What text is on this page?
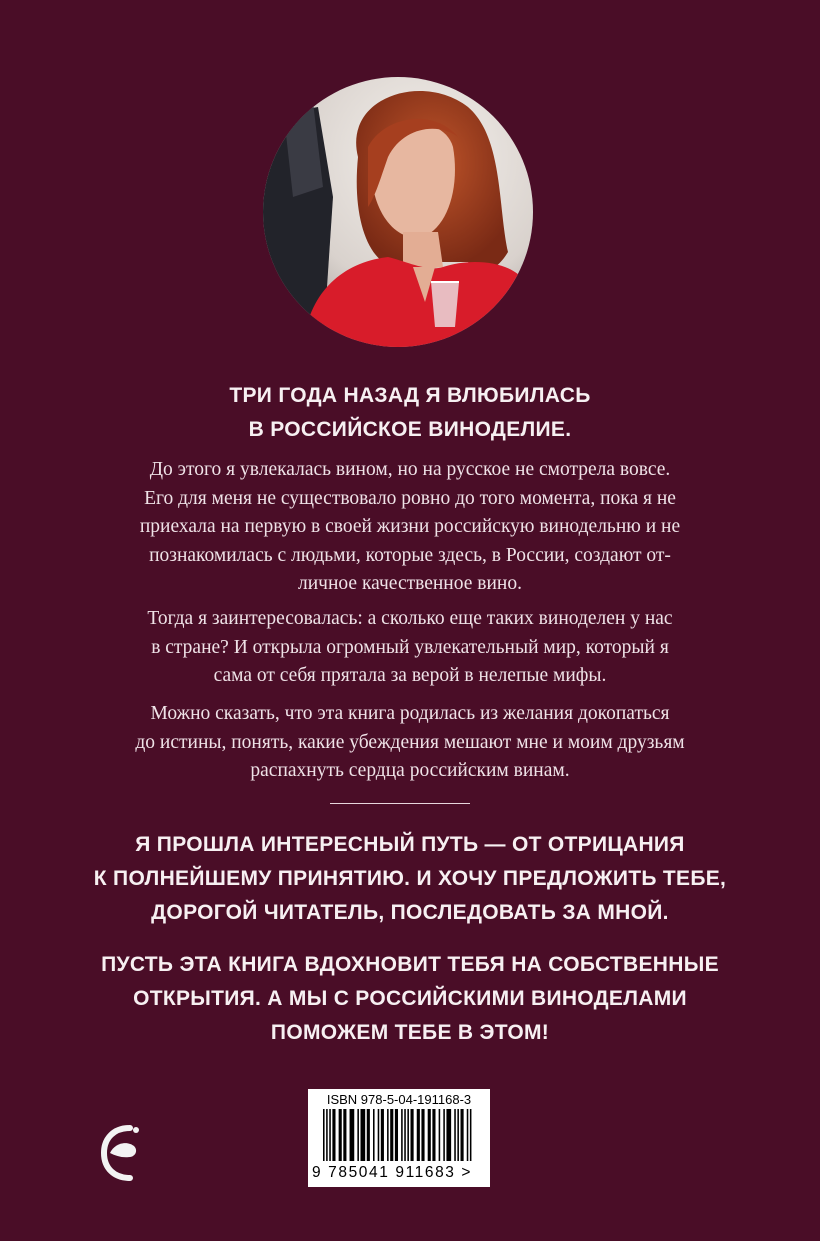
ТРИ ГОДА НАЗАД Я ВЛЮБИЛАСЬ
В РОССИЙСКОЕ ВИНОДЕЛИЕ.
До этого я увлекалась вином, но на русское не смотрела вовсе.
Его для меня не существовало ровно до того момента, пока я не
приехала на первую в своей жизни российскую винодельню и не
познакомилась с людьми, которые здесь, в России, создают от-
личное качественное вино.
Тогда я заинтересовалась: а сколько еще таких виноделен у нас
в стране? И открыла огромный увлекательный мир, который я
сама от себя прятала за верой в нелепые мифы.
Можно сказать, что эта книга родилась из желания докопаться
до истины, понять, какие убеждения мешают мне и моим друзьям
распахнуть сердца российским винам.
Я ПРОШЛА ИНТЕРЕСНЫЙ ПУТЬ — ОТ ОТРИЦАНИЯ
К ПОЛНЕЙШЕМУ ПРИНЯТИЮ. И ХОЧУ ПРЕДЛОЖИТЬ ТЕБЕ,
ДОРОГОЙ ЧИТАТЕЛЬ, ПОСЛЕДОВАТЬ ЗА МНОЙ.
ПУСТЬ ЭТА КНИГА ВДОХНОВИТ ТЕБЯ НА СОБСТВЕННЫЕ
ОТКРЫТИЯ. А МЫ С РОССИЙСКИМИ ВИНОДЕЛАМИ
ПОМОЖЕМ ТЕБЕ В ЭТОМ!
ISBN 978-5-04-191168-3
9 785041 911683 >
